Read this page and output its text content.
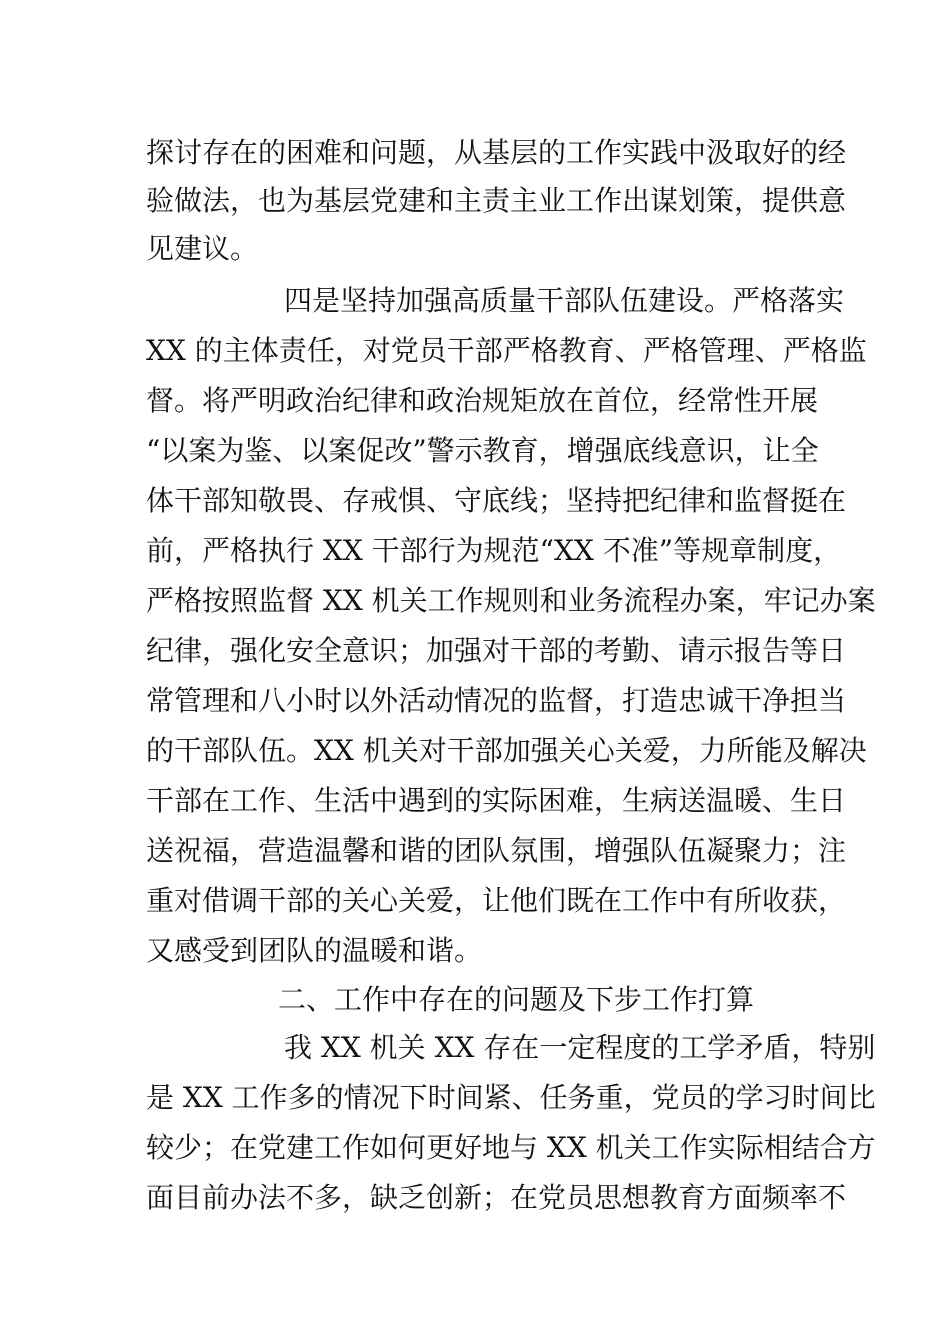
探讨存在的困难和问题，从基层的工作实践中汲取好的经
验做法，也为基层党建和主责主业工作出谋划策，提供意
见建议。
四是坚持加强高质量干部队伍建设。严格落实
XX 的主体责任，对党员干部严格教育、严格管理、严格监
督。将严明政治纪律和政治规矩放在首位，经常性开展
“以案为鉴、以案促改”警示教育，增强底线意识，让全
体干部知敬畏、存戒惧、守底线；坚持把纪律和监督挺在
前，严格执行 XX 干部行为规范“XX 不准”等规章制度，
严格按照监督 XX 机关工作规则和业务流程办案，牢记办案
纪律，强化安全意识；加强对干部的考勤、请示报告等日
常管理和八小时以外活动情况的监督，打造忠诚干净担当
的干部队伍。XX 机关对干部加强关心关爱，力所能及解决
干部在工作、生活中遇到的实际困难，生病送温暖、生日
送祝福，营造温馨和谐的团队氛围，增强队伍凝聚力；注
重对借调干部的关心关爱，让他们既在工作中有所收获，
又感受到团队的温暖和谐。
二、工作中存在的问题及下步工作打算
我 XX 机关 XX 存在一定程度的工学矛盾，特别
是 XX 工作多的情况下时间紧、任务重，党员的学习时间比
较少；在党建工作如何更好地与 XX 机关工作实际相结合方
面目前办法不多，缺乏创新；在党员思想教育方面频率不
